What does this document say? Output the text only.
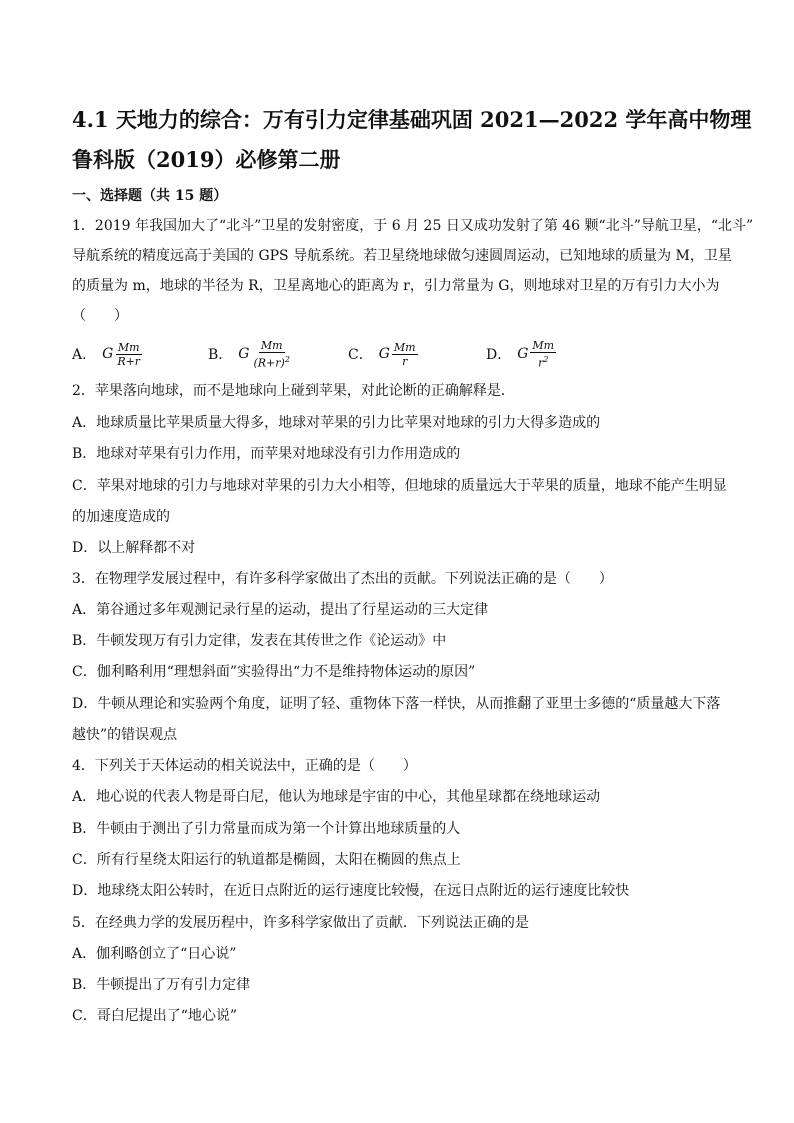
4.1 天地力的综合：万有引力定律基础巩固 2021—2022 学年高中物理
鲁科版（2019）必修第二册
一、选择题（共 15 题）
1．2019 年我国加大了“北斗”卫星的发射密度，于 6 月 25 日又成功发射了第 46 颗“北斗”导航卫星，“北斗”
导航系统的精度远高于美国的 GPS 导航系统。若卫星绕地球做匀速圆周运动，已知地球的质量为 M，卫星
的质量为 m，地球的半径为 R，卫星离地心的距离为 r，引力常量为 G，则地球对卫星的万有引力大小为
（　　）
A． G $\frac{Mm}{R+r}$	B． G $\frac{Mm}{(R+r)^2}$	C． G $\frac{Mm}{r}$	D． G $\frac{Mm}{r^2}$
2．苹果落向地球，而不是地球向上碰到苹果，对此论断的正确解释是．
A．地球质量比苹果质量大得多，地球对苹果的引力比苹果对地球的引力大得多造成的
B．地球对苹果有引力作用，而苹果对地球没有引力作用造成的
C．苹果对地球的引力与地球对苹果的引力大小相等，但地球的质量远大于苹果的质量，地球不能产生明显
的加速度造成的
D．以上解释都不对
3．在物理学发展过程中，有许多科学家做出了杰出的贡献。下列说法正确的是（　　）
A．第谷通过多年观测记录行星的运动，提出了行星运动的三大定律
B．牛顿发现万有引力定律，发表在其传世之作《论运动》中
C．伽利略利用“理想斜面”实验得出“力不是维持物体运动的原因”
D．牛顿从理论和实验两个角度，证明了轻、重物体下落一样快，从而推翻了亚里士多德的“质量越大下落
越快”的错误观点
4．下列关于天体运动的相关说法中，正确的是（　　）
A．地心说的代表人物是哥白尼，他认为地球是宇宙的中心，其他星球都在绕地球运动
B．牛顿由于测出了引力常量而成为第一个计算出地球质量的人
C．所有行星绕太阳运行的轨道都是椭圆，太阳在椭圆的焦点上
D．地球绕太阳公转时，在近日点附近的运行速度比较慢，在远日点附近的运行速度比较快
5．在经典力学的发展历程中，许多科学家做出了贡献．下列说法正确的是
A．伽利略创立了“日心说”
B．牛顿提出了万有引力定律
C．哥白尼提出了“地心说”
